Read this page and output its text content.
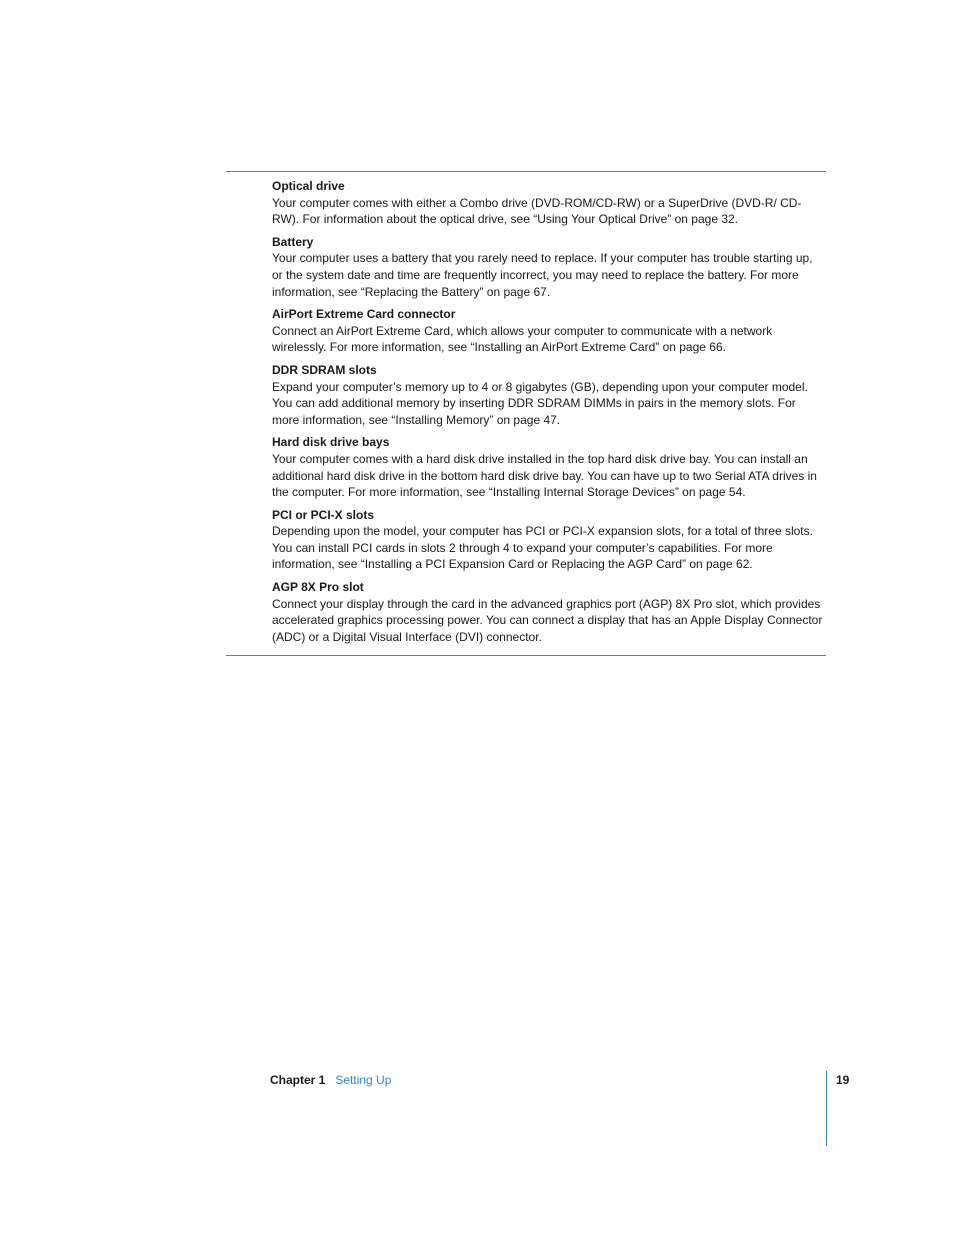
Optical drive

Your computer comes with either a Combo drive (DVD-ROM/CD-RW) or a SuperDrive (DVD-R/ CD-RW). For information about the optical drive, see “Using Your Optical Drive” on page 32.

Battery

Your computer uses a battery that you rarely need to replace. If your computer has trouble starting up, or the system date and time are frequently incorrect, you may need to replace the battery. For more information, see “Replacing the Battery” on page 67.

AirPort Extreme Card connector

Connect an AirPort Extreme Card, which allows your computer to communicate with a network wirelessly. For more information, see “Installing an AirPort Extreme Card” on page 66.

DDR SDRAM slots

Expand your computer’s memory up to 4 or 8 gigabytes (GB), depending upon your computer model. You can add additional memory by inserting DDR SDRAM DIMMs in pairs in the memory slots. For more information, see “Installing Memory” on page 47.

Hard disk drive bays

Your computer comes with a hard disk drive installed in the top hard disk drive bay. You can install an additional hard disk drive in the bottom hard disk drive bay. You can have up to two Serial ATA drives in the computer. For more information, see “Installing Internal Storage Devices” on page 54.

PCI or PCI-X slots

Depending upon the model, your computer has PCI or PCI-X expansion slots, for a total of three slots. You can install PCI cards in slots 2 through 4 to expand your computer’s capabilities. For more information, see “Installing a PCI Expansion Card or Replacing the AGP Card” on page 62.

AGP 8X Pro slot

Connect your display through the card in the advanced graphics port (AGP) 8X Pro slot, which provides accelerated graphics processing power. You can connect a display that has an Apple Display Connector (ADC) or a Digital Visual Interface (DVI) connector.

Chapter 1 Setting Up	19
